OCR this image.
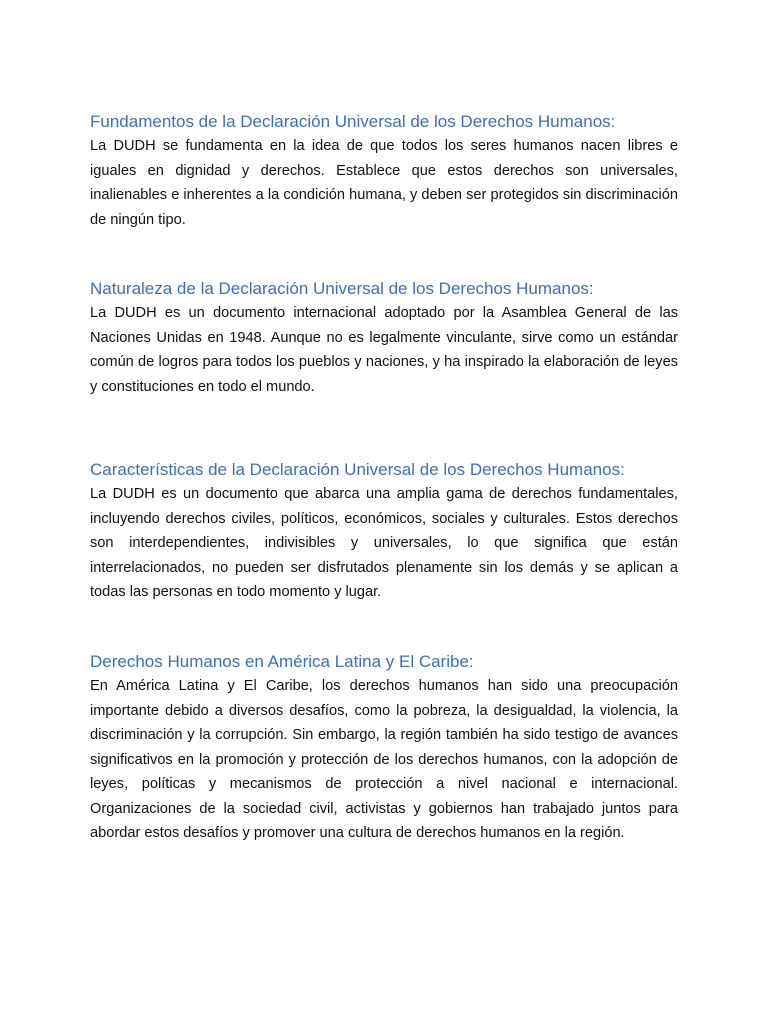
Fundamentos de la Declaración Universal de los Derechos Humanos:

La DUDH se fundamenta en la idea de que todos los seres humanos nacen libres e iguales en dignidad y derechos. Establece que estos derechos son universales, inalienables e inherentes a la condición humana, y deben ser protegidos sin discriminación de ningún tipo.

Naturaleza de la Declaración Universal de los Derechos Humanos:

La DUDH es un documento internacional adoptado por la Asamblea General de las Naciones Unidas en 1948. Aunque no es legalmente vinculante, sirve como un estándar común de logros para todos los pueblos y naciones, y ha inspirado la elaboración de leyes y constituciones en todo el mundo.

Características de la Declaración Universal de los Derechos Humanos:

La DUDH es un documento que abarca una amplia gama de derechos fundamentales, incluyendo derechos civiles, políticos, económicos, sociales y culturales. Estos derechos son interdependientes, indivisibles y universales, lo que significa que están interrelacionados, no pueden ser disfrutados plenamente sin los demás y se aplican a todas las personas en todo momento y lugar.

Derechos Humanos en América Latina y El Caribe:

En América Latina y El Caribe, los derechos humanos han sido una preocupación importante debido a diversos desafíos, como la pobreza, la desigualdad, la violencia, la discriminación y la corrupción. Sin embargo, la región también ha sido testigo de avances significativos en la promoción y protección de los derechos humanos, con la adopción de leyes, políticas y mecanismos de protección a nivel nacional e internacional. Organizaciones de la sociedad civil, activistas y gobiernos han trabajado juntos para abordar estos desafíos y promover una cultura de derechos humanos en la región.
